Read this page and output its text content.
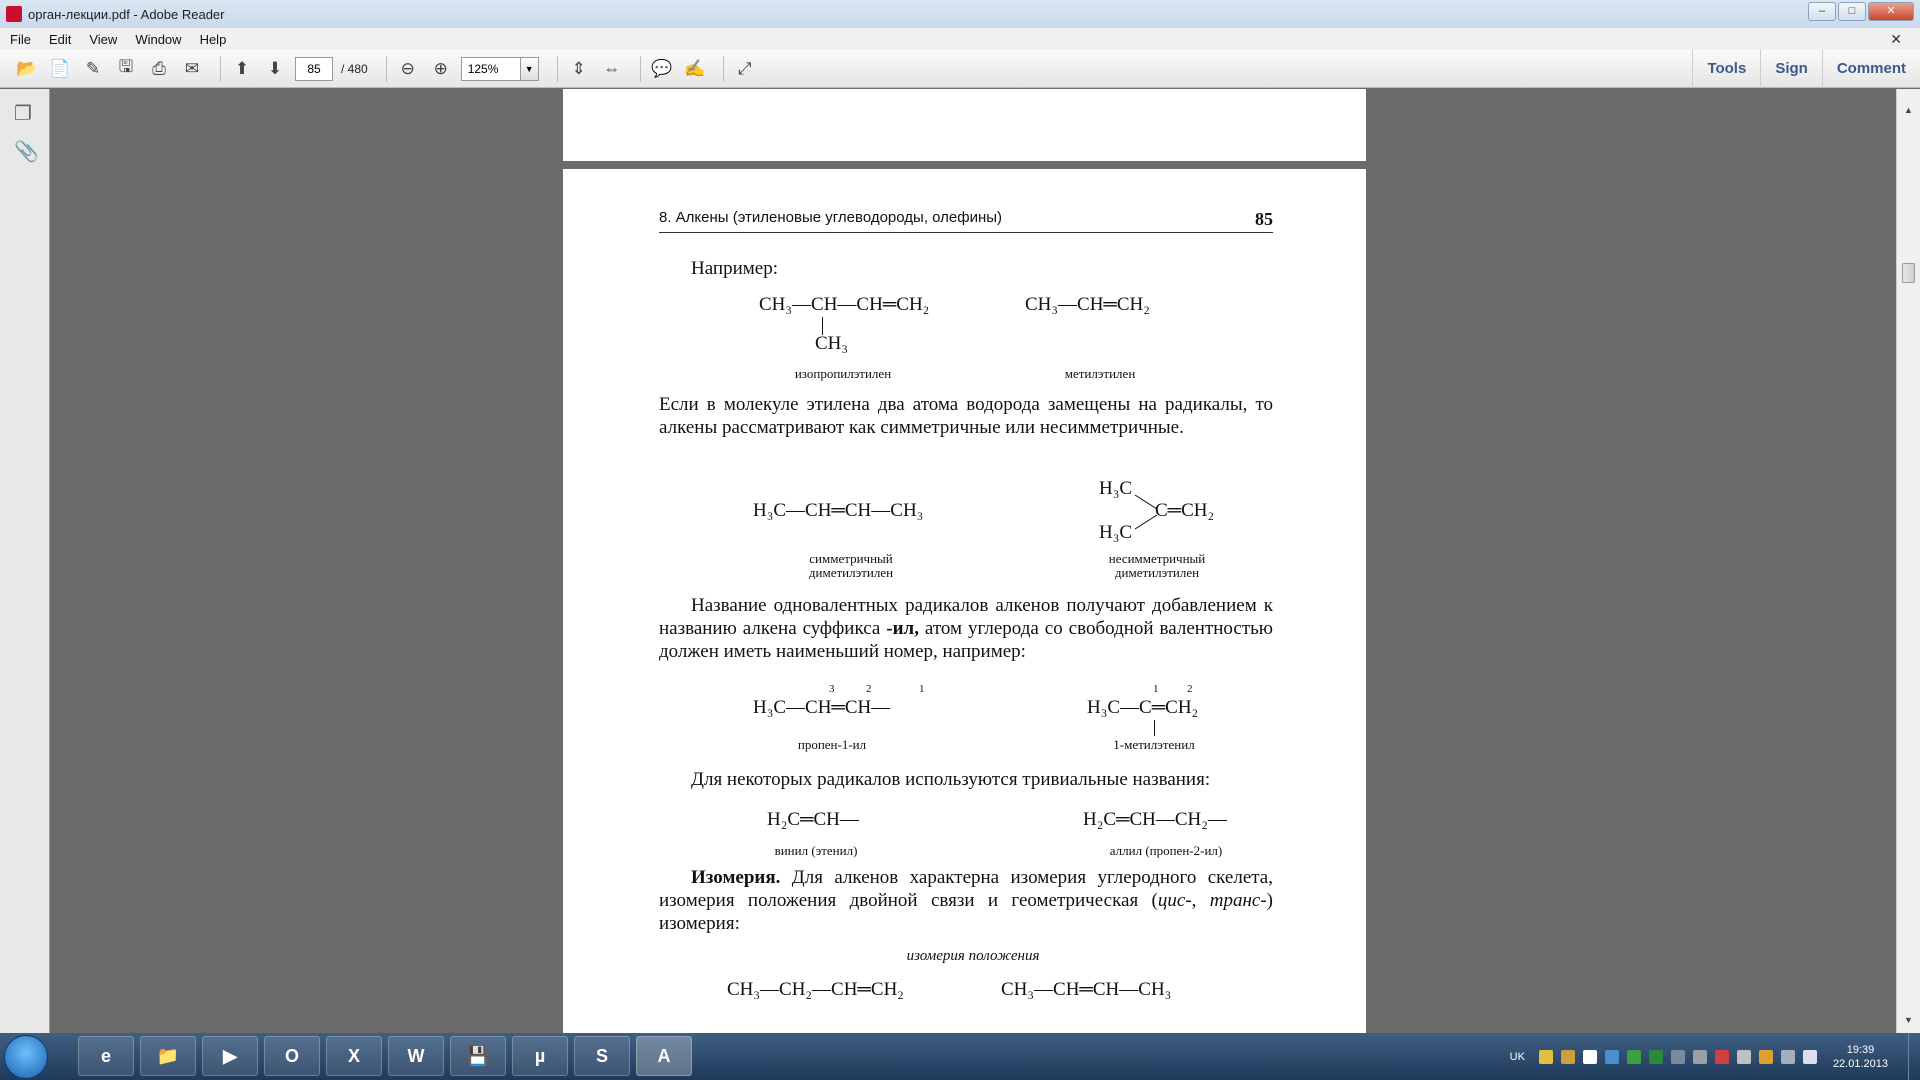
орган-лекции.pdf - Adobe Reader	–	□	✕
File Edit View Window Help	✕
📂 📄 ✎	🖫	⎙	✉	⬆	⬇	85	/ 480	⊖	⊕	125%	▼	⇕	⇔ 💬 ✍	⤢	Tools	Sign	Comment
❐
📎
8. Алкены (этиленовые углеводороды, олефины)	85
Например:
CH₃—CH—CH═CH₂
CH₃
изопропилэтилен
CH₃—CH═CH₂
метилэтилен
Если в молекуле этилена два атома водорода замещены на радикалы, то алкены рассматривают как симметричные или несимметричные.
H₃C—CH═CH—CH₃
симметричный
диметилэтилен
H₃C
C═CH₂
H₃C
несимметричный
диметилэтилен
Название одновалентных радикалов алкенов получают добавлением к названию алкена суффикса -ил, атом углерода со свободной валентностью должен иметь наименьший номер, например:
3	2	1
H₃C—CH═CH—
пропен-1-ил
1	2
H₃C—C═CH₂
1-метилэтенил
Для некоторых радикалов используются тривиальные названия:
H₂C═CH—
винил (этенил)
H₂C═CH—CH₂—
аллил (пропен-2-ил)
Изомерия. Для алкенов характерна изомерия углеродного скелета, изомерия положения двойной связи и геометрическая (цис-, транс-) изомерия:
изомерия положения
CH₃—CH₂—CH═CH₂	CH₃—CH═CH—CH₃
▲
▼
e	📁	▶	O	X	W	💾	µ	S	A	UK
19:39
22.01.2013
